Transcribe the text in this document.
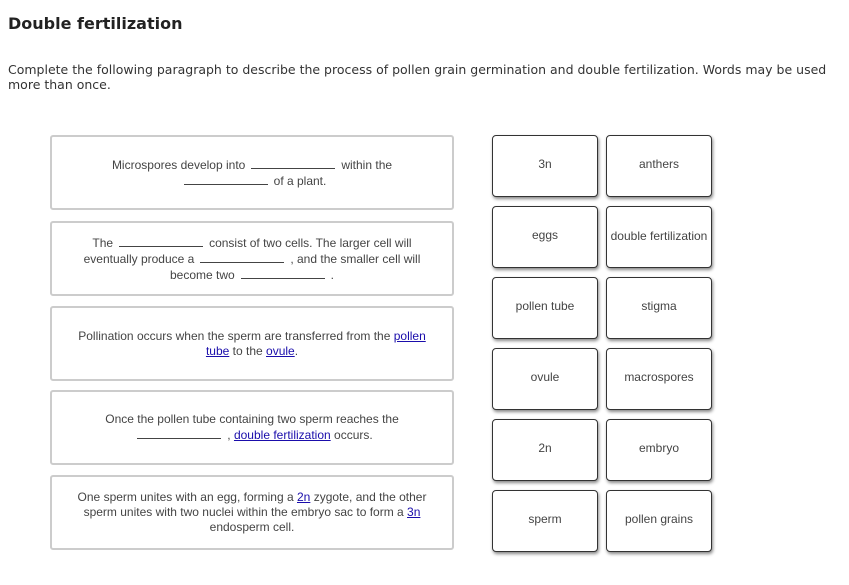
Double fertilization
Complete the following paragraph to describe the process of pollen grain germination and double fertilization. Words may be used more than once.
Microspores develop into	within theof a plant.
The	consist of two cells. The larger cell will eventually produce a	, and the smaller cell will become two	.
Pollination occurs when the sperm are transferred from the pollen tube to the ovule.
Once the pollen tube containing two sperm reaches the, double fertilization occurs.
One sperm unites with an egg, forming a 2n zygote, and the other sperm unites with two nuclei within the embryo sac to form a 3n endosperm cell.
3n	anthers
eggs	double fertilization
pollen tube	stigma
ovule	macrospores
2n	embryo
sperm	pollen grains
